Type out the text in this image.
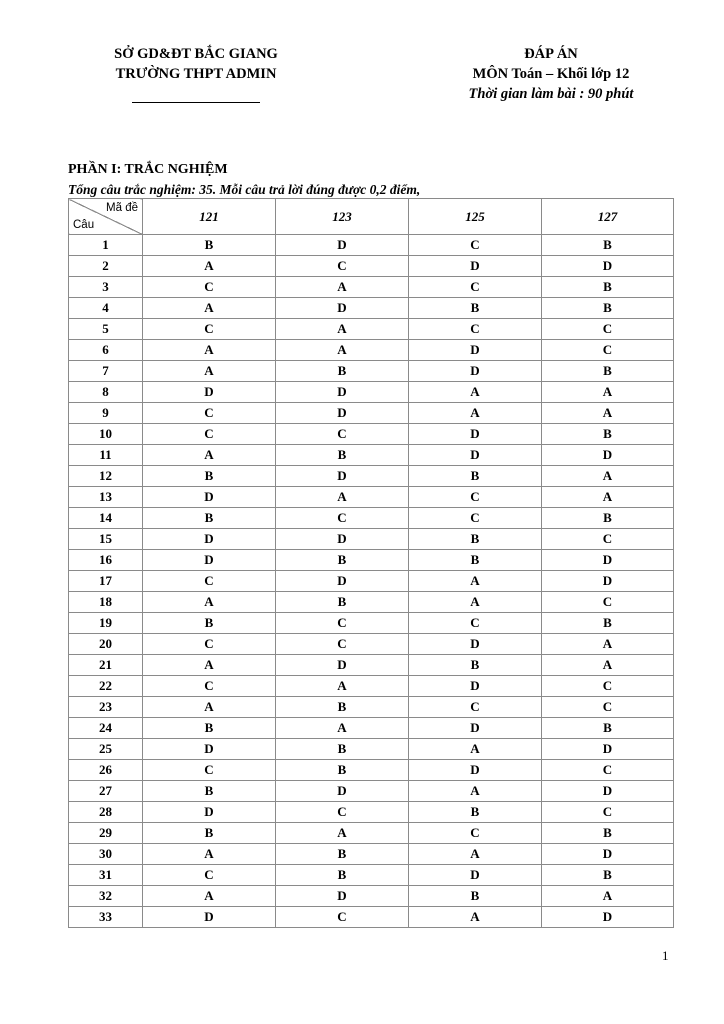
SỞ GD&ĐT BẮC GIANG
TRƯỜNG THPT ADMIN
ĐÁP ÁN
MÔN Toán – Khối lớp 12
Thời gian làm bài : 90 phút
PHẦN I: TRẮC NGHIỆM
Tổng câu trắc nghiệm: 35. Mỗi câu trả lời đúng được 0,2 điểm,
Mã đề
Câu	121	123	125	127
1	B	D	C	B
2	A	C	D	D
3	C	A	C	B
4	A	D	B	B
5	C	A	C	C
6	A	A	D	C
7	A	B	D	B
8	D	D	A	A
9	C	D	A	A
10	C	C	D	B
11	A	B	D	D
12	B	D	B	A
13	D	A	C	A
14	B	C	C	B
15	D	D	B	C
16	D	B	B	D
17	C	D	A	D
18	A	B	A	C
19	B	C	C	B
20	C	C	D	A
21	A	D	B	A
22	C	A	D	C
23	A	B	C	C
24	B	A	D	B
25	D	B	A	D
26	C	B	D	C
27	B	D	A	D
28	D	C	B	C
29	B	A	C	B
30	A	B	A	D
31	C	B	D	B
32	A	D	B	A
33	D	C	A	D
1
